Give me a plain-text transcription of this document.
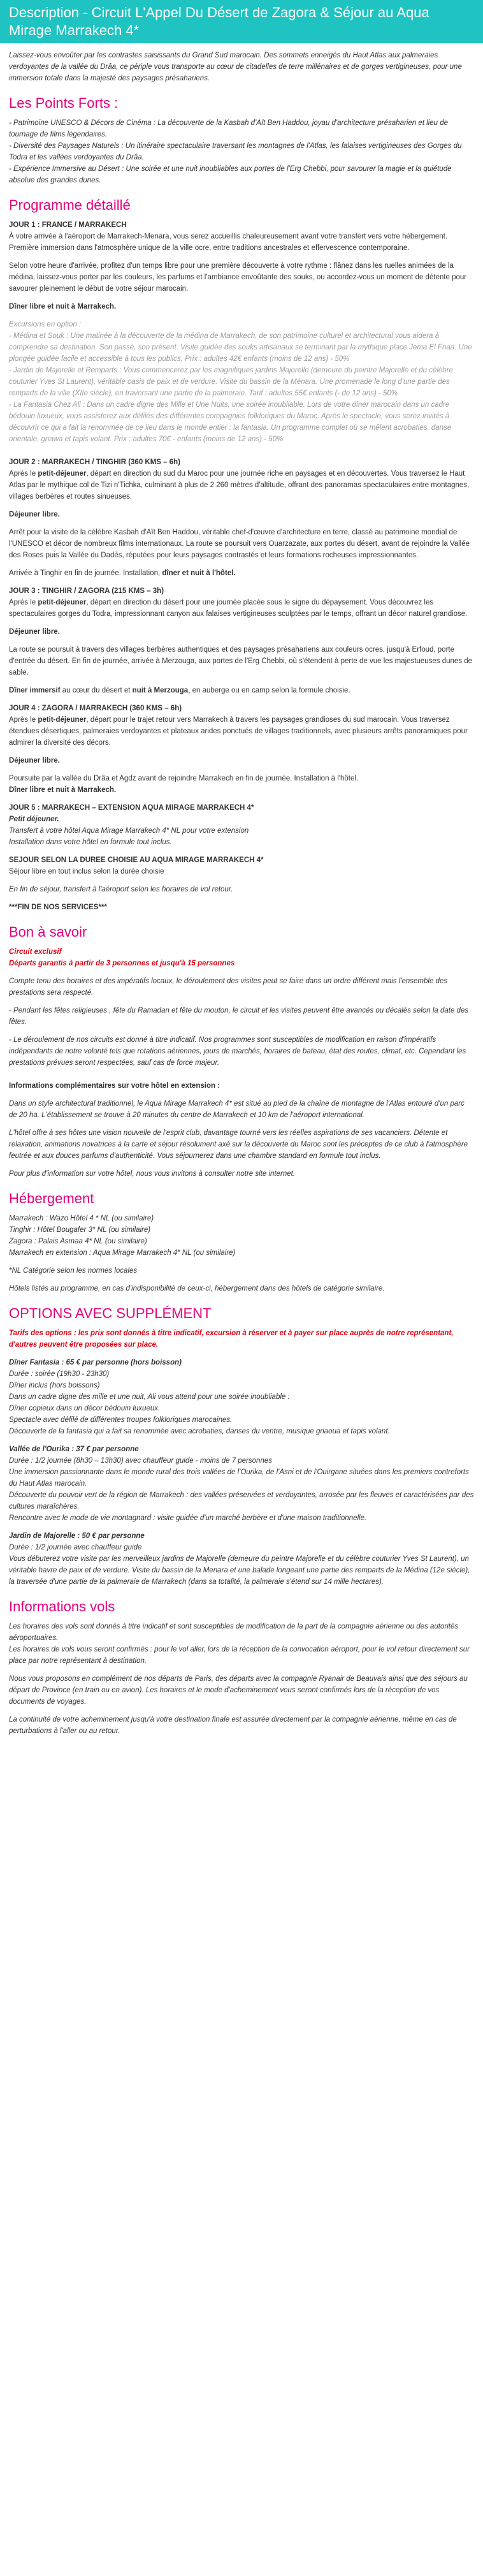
Description - Circuit L'Appel Du Désert de Zagora & Séjour au Aqua Mirage Marrakech 4*

Laissez-vous envoûter par les contrastes saisissants du Grand Sud marocain. Des sommets enneigés du Haut Atlas aux palmeraies verdoyantes de la vallée du Drâa, ce périple vous transporte au cœur de citadelles de terre millénaires et de gorges vertigineuses, pour une immersion totale dans la majesté des paysages présahariens.

Les Points Forts :

- Patrimoine UNESCO & Décors de Cinéma : La découverte de la Kasbah d'Aït Ben Haddou, joyau d'architecture présaharien et lieu de tournage de films légendaires.
- Diversité des Paysages Naturels : Un itinéraire spectaculaire traversant les montagnes de l'Atlas, les falaises vertigineuses des Gorges du Todra et les vallées verdoyantes du Drâa.
- Expérience Immersive au Désert : Une soirée et une nuit inoubliables aux portes de l'Erg Chebbi, pour savourer la magie et la quiétude absolue des grandes dunes.

Programme détaillé

JOUR 1 : FRANCE / MARRAKECH
À votre arrivée à l'aéroport de Marrakech-Menara, vous serez accueillis chaleureusement avant votre transfert vers votre hébergement. Première immersion dans l'atmosphère unique de la ville ocre, entre traditions ancestrales et effervescence contemporaine.

Selon votre heure d'arrivée, profitez d'un temps libre pour une première découverte à votre rythme : flânez dans les ruelles animées de la médina, laissez-vous porter par les couleurs, les parfums et l'ambiance envoûtante des souks, ou accordez-vous un moment de détente pour savourer pleinement le début de votre séjour marocain.

Dîner libre et nuit à Marrakech.

Excursions en option :
- Médina et Souk : Une matinée à la découverte de la médina de Marrakech, de son patrimoine culturel et architectural vous aidera à comprendre sa destination. Son passé, son présent. Visite guidée des souks artisanaux se terminant par la mythique place Jema El Fnaa. Une plongée guidée facile et accessible à tous les publics. Prix : adultes 42€ enfants (moins de 12 ans) - 50%
- Jardin de Majorelle et Remparts : Vous commencerez par les magnifiques jardins Majorelle (demeure du peintre Majorelle et du célèbre couturier Yves St Laurent), véritable oasis de paix et de verdure. Visite du bassin de la Ménara. Une promenade le long d'une partie des remparts de la ville (XIIe siècle), en traversant une partie de la palmeraie. Tarif : adultes 55€ enfants (- de 12 ans) - 50%
- La Fantasia Chez Ali : Dans un cadre digne des Mille et Une Nuits, une soirée inoubliable. Lors de votre dîner marocain dans un cadre bédouin luxueux, vous assisterez aux défilés des différentes compagnies folkloriques du Maroc. Après le spectacle, vous serez invités à découvrir ce qui a fait la renommée de ce lieu dans le monde entier : la fantasia. Un programme complet où se mêlent acrobaties, danse orientale, gnawa et tapis volant. Prix : adultes 70€ - enfants (moins de 12 ans) - 50%

JOUR 2 : MARRAKECH / TINGHIR (360 KMS – 6h)
Après le petit-déjeuner, départ en direction du sud du Maroc pour une journée riche en paysages et en découvertes. Vous traversez le Haut Atlas par le mythique col de Tizi n'Tichka, culminant à plus de 2 260 mètres d'altitude, offrant des panoramas spectaculaires entre montagnes, villages berbères et routes sinueuses.

Déjeuner libre.

Arrêt pour la visite de la célèbre Kasbah d'Aït Ben Haddou, véritable chef-d'œuvre d'architecture en terre, classé au patrimoine mondial de l'UNESCO et décor de nombreux films internationaux. La route se poursuit vers Ouarzazate, aux portes du désert, avant de rejoindre la Vallée des Roses puis la Vallée du Dadès, réputées pour leurs paysages contrastés et leurs formations rocheuses impressionnantes.

Arrivée à Tinghir en fin de journée. Installation, dîner et nuit à l'hôtel.

JOUR 3 : TINGHIR / ZAGORA (215 KMS – 3h)
Après le petit-déjeuner, départ en direction du désert pour une journée placée sous le signe du dépaysement. Vous découvrez les spectaculaires gorges du Todra, impressionnant canyon aux falaises vertigineuses sculptées par le temps, offrant un décor naturel grandiose.

Déjeuner libre.

La route se poursuit à travers des villages berbères authentiques et des paysages présahariens aux couleurs ocres, jusqu'à Erfoud, porte d'entrée du désert. En fin de journée, arrivée à Merzouga, aux portes de l'Erg Chebbi, où s'étendent à perte de vue les majestueuses dunes de sable.

Dîner immersif au cœur du désert et nuit à Merzouga, en auberge ou en camp selon la formule choisie.

JOUR 4 : ZAGORA / MARRAKECH (360 KMS – 6h)
Après le petit-déjeuner, départ pour le trajet retour vers Marrakech à travers les paysages grandioses du sud marocain. Vous traversez étendues désertiques, palmeraies verdoyantes et plateaux arides ponctués de villages traditionnels, avec plusieurs arrêts panoramiques pour admirer la diversité des décors.

Déjeuner libre.

Poursuite par la vallée du Drâa et Agdz avant de rejoindre Marrakech en fin de journée. Installation à l'hôtel.
Dîner libre et nuit à Marrakech.

JOUR 5 : MARRAKECH – EXTENSION AQUA MIRAGE MARRAKECH 4*
Petit déjeuner.
Transfert à votre hôtel Aqua Mirage Marrakech 4* NL pour votre extension
Installation dans votre hôtel en formule tout inclus.

SEJOUR SELON LA DUREE CHOISIE AU AQUA MIRAGE MARRAKECH 4*
Séjour libre en tout inclus selon la durée choisie

En fin de séjour, transfert à l'aéroport selon les horaires de vol retour.

***FIN DE NOS SERVICES***

Bon à savoir

Circuit exclusif
Départs garantis à partir de 3 personnes et jusqu'à 15 personnes

Compte tenu des horaires et des impératifs locaux, le déroulement des visites peut se faire dans un ordre différent mais l'ensemble des prestations sera respecté.

- Pendant les fêtes religieuses , fête du Ramadan et fête du mouton, le circuit et les visites peuvent être avancés ou décalés selon la date des fêtes.

- Le déroulement de nos circuits est donné à titre indicatif. Nos programmes sont susceptibles de modification en raison d'impératifs indépendants de notre volonté tels que rotations aériennes, jours de marchés, horaires de bateau, état des routes, climat, etc. Cependant les prestations prévues seront respectées, sauf cas de force majeur.

Informations complémentaires sur votre hôtel en extension :

Dans un style architectural traditionnel, le Aqua Mirage Marrakech 4* est situé au pied de la chaîne de montagne de l'Atlas entouré d'un parc de 20 ha. L'établissement se trouve à 20 minutes du centre de Marrakech et 10 km de l'aéroport international.

L'hôtel offre à ses hôtes une vision nouvelle de l'esprit club, davantage tourné vers les réelles aspirations de ses vacanciers. Détente et relaxation, animations novatrices à la carte et séjour résolument axé sur la découverte du Maroc sont les préceptes de ce club à l'atmosphère feutrée et aux douces parfums d'authenticité. Vous séjournerez dans une chambre standard en formule tout inclus.

Pour plus d'information sur votre hôtel, nous vous invitons à consulter notre site internet.

Hébergement

Marrakech : Wazo Hôtel 4 * NL (ou similaire)
Tinghir : Hôtel Bougafer 3* NL (ou similaire)
Zagora : Palais Asmaa 4* NL (ou similaire)
Marrakech en extension : Aqua Mirage Marrakech 4* NL (ou similaire)

*NL Catégorie selon les normes locales

Hôtels listés au programme, en cas d'indisponibilité de ceux-ci, hébergement dans des hôtels de catégorie similaire.

OPTIONS AVEC SUPPLÉMENT

Tarifs des options : les prix sont donnés à titre indicatif, excursion à réserver et à payer sur place auprès de notre représentant, d'autres peuvent être proposées sur place.

Dîner Fantasia : 65 € par personne (hors boisson)
Durée : soirée (19h30 - 23h30)
Dîner inclus (hors boissons)
Dans un cadre digne des mille et une nuit, Ali vous attend pour une soirée inoubliable :
Dîner copieux dans un décor bédouin luxueux.
Spectacle avec défilé de différentes troupes folkloriques marocaines.
Découverte de la fantasia qui a fait sa renommée avec acrobaties, danses du ventre, musique gnaoua et tapis volant.

Vallée de l'Ourika : 37 € par personne
Durée : 1/2 journée (8h30 – 13h30) avec chauffeur guide - moins de 7 personnes
Une immersion passionnante dans le monde rural des trois vallées de l'Ourika, de l'Asni et de l'Ouirgane situées dans les premiers contreforts du Haut Atlas marocain.
Découverte du pouvoir vert de la région de Marrakech : des vallées préservées et verdoyantes, arrosée par les fleuves et caractérisées par des cultures maraîchères.
Rencontre avec le mode de vie montagnard : visite guidée d'un marché berbère et d'une maison traditionnelle.

Jardin de Majorelle : 50 € par personne
Durée : 1/2 journée avec chauffeur guide
Vous débuterez votre visite par les merveilleux jardins de Majorelle (demeure du peintre Majorelle et du célèbre couturier Yves St Laurent), un véritable havre de paix et de verdure. Visite du bassin de la Menara et une balade longeant une partie des remparts de la Médina (12e siècle), la traversée d'une partie de la palmeraie de Marrakech (dans sa totalité, la palmeraie s'étend sur 14 mille hectares).

Informations vols

Les horaires des vols sont donnés à titre indicatif et sont susceptibles de modification de la part de la compagnie aérienne ou des autorités aéroportuaires.
Les horaires de vols vous seront confirmés : pour le vol aller, lors de la réception de la convocation aéroport, pour le vol retour directement sur place par notre représentant à destination.

Nous vous proposons en complément de nos départs de Paris, des départs avec la compagnie Ryanair de Beauvais ainsi que des séjours au départ de Province (en train ou en avion). Les horaires et le mode d'acheminement vous seront confirmés lors de la réception de vos documents de voyages.

La continuité de votre acheminement jusqu'à votre destination finale est assurée directement par la compagnie aérienne, même en cas de perturbations à l'aller ou au retour.
